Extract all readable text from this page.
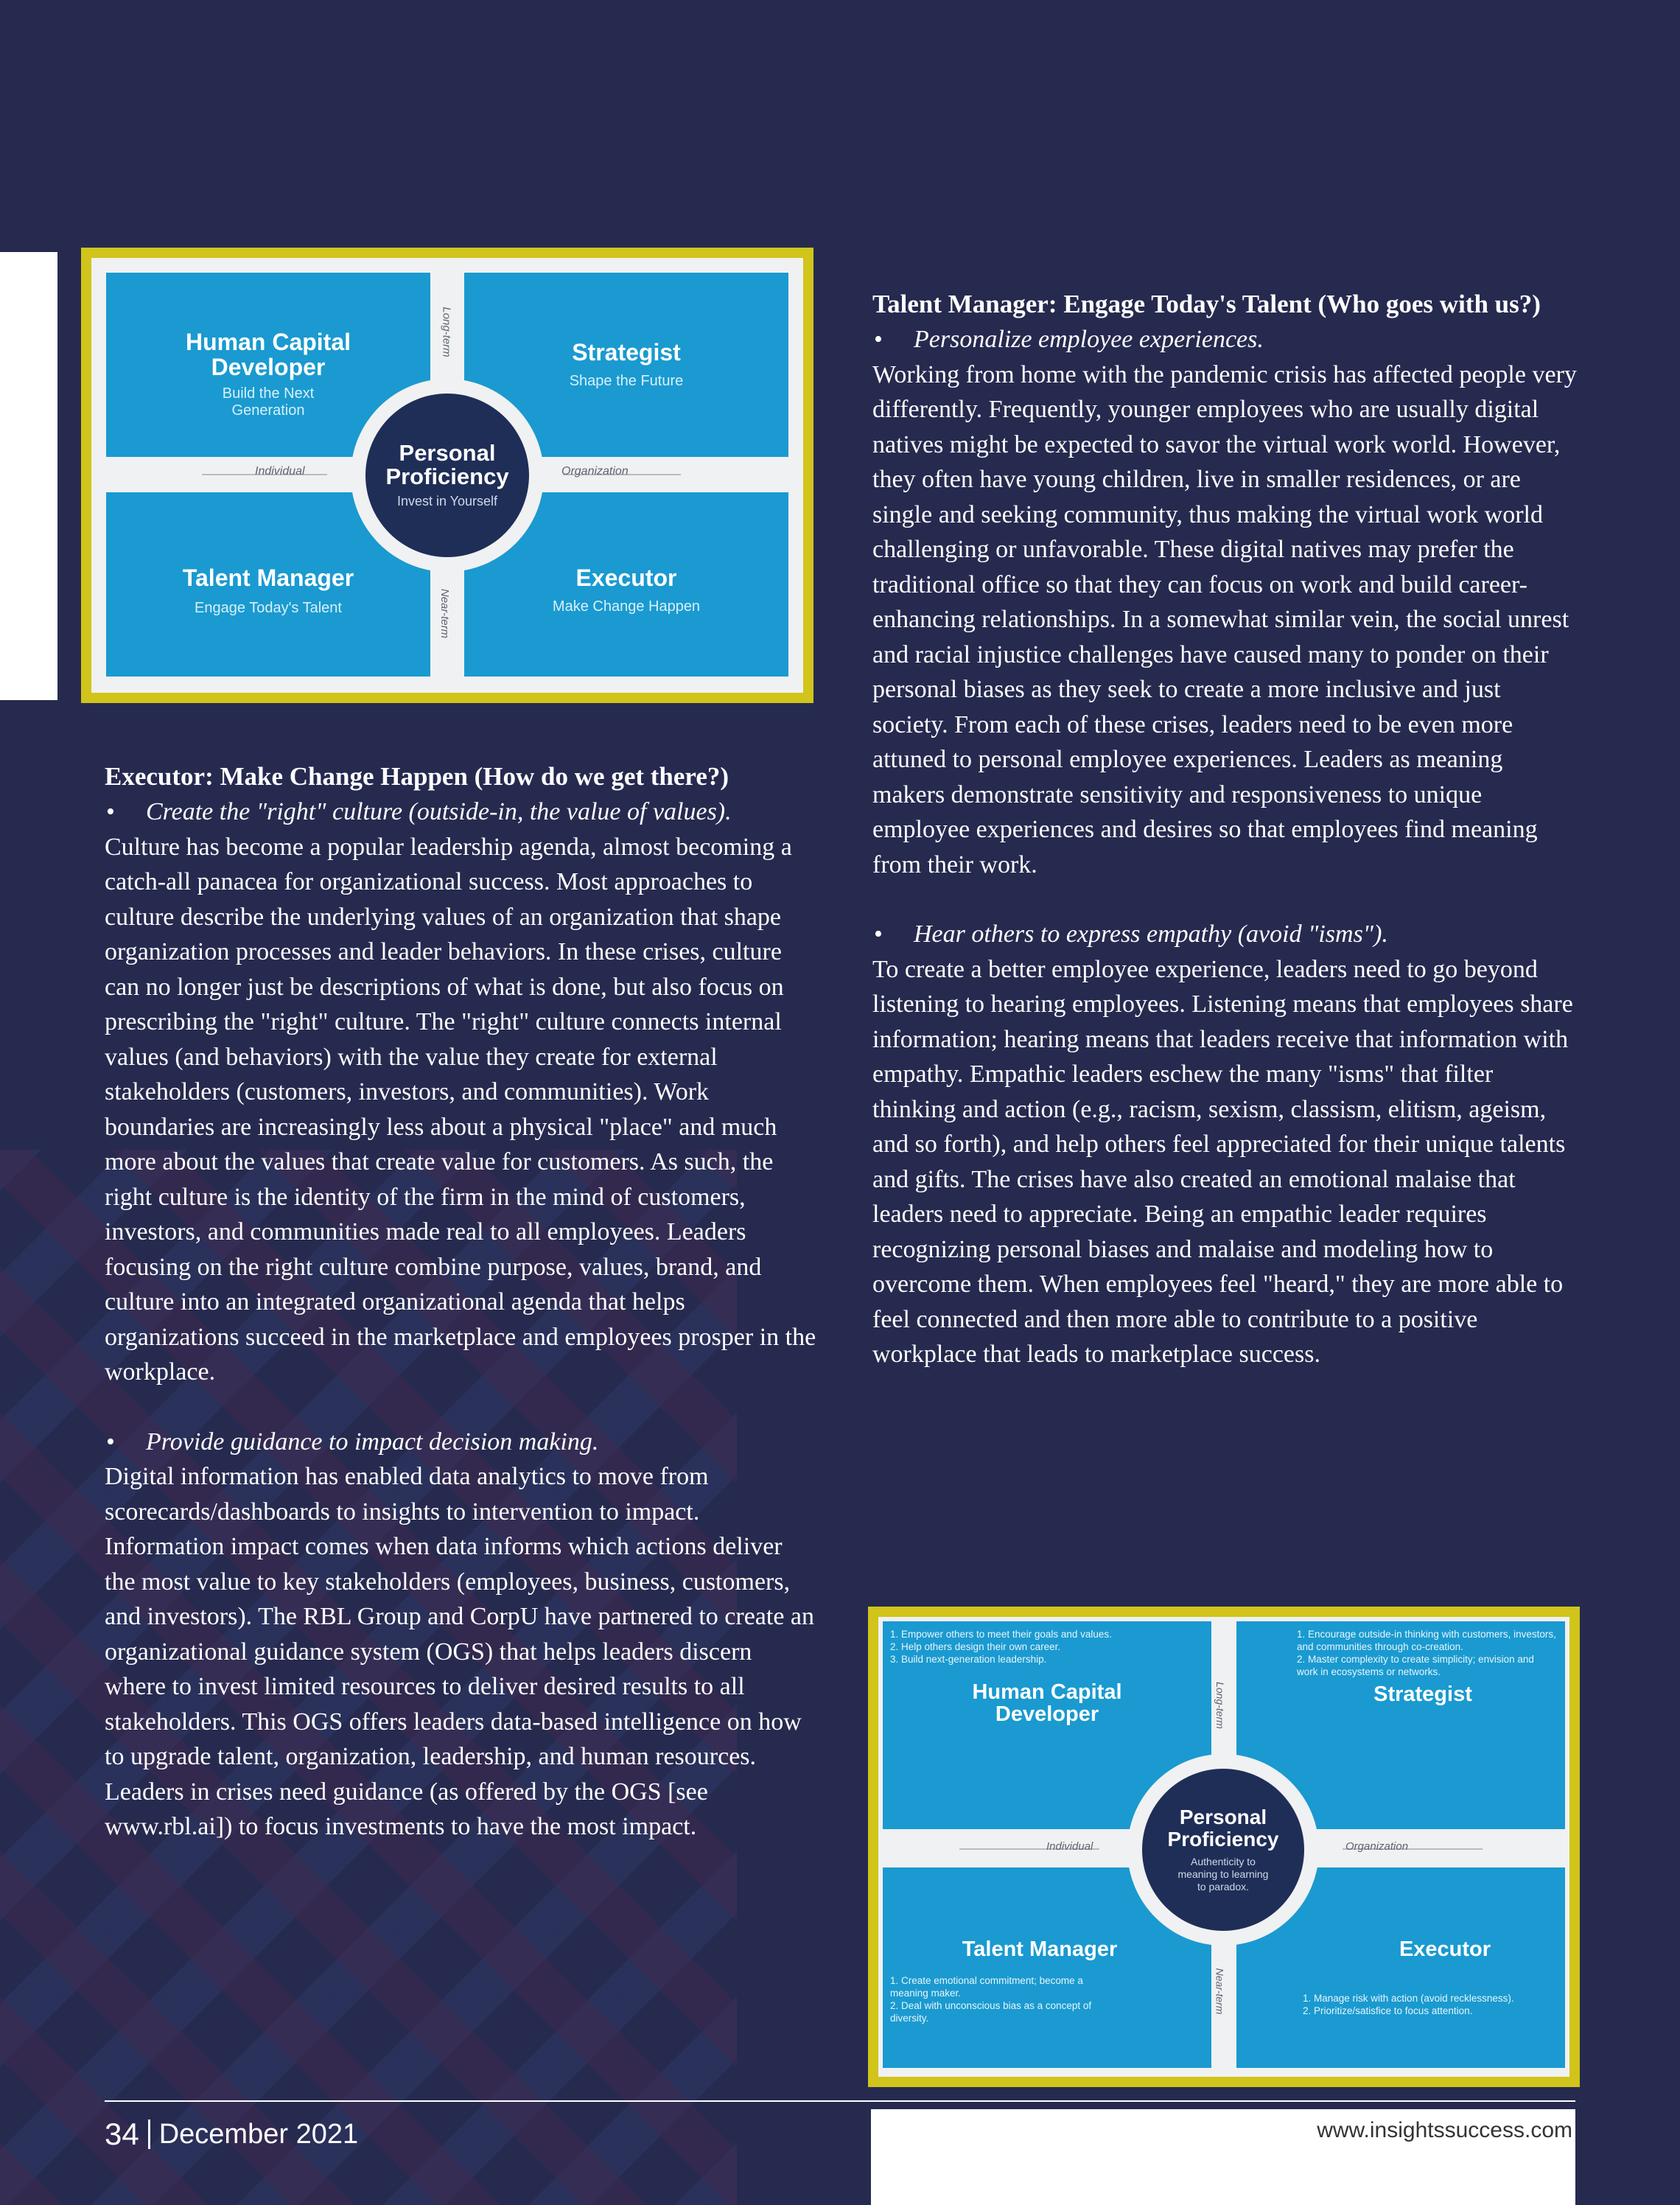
Human Capital
Developer
Build the Next
Generation
Strategist
Shape the Future
Talent Manager
Engage Today's Talent
Executor
Make Change Happen
Personal
Proficiency
Invest in Yourself
Individual	Organization
Long-term
Near-term
Executor: Make Change Happen (How do we get there?)
• Create the "right" culture (outside-in, the value of values).

Culture has become a popular leadership agenda, almost becoming a catch-all panacea for organizational success. Most approaches to culture describe the underlying values of an organization that shape organization processes and leader behaviors. In these crises, culture can no longer just be descriptions of what is done, but also focus on prescribing the "right" culture. The "right" culture connects internal values (and behaviors) with the value they create for external stakeholders (customers, investors, and communities). Work boundaries are increasingly less about a physical "place" and much more about the values that create value for customers. As such, the right culture is the identity of the firm in the mind of customers, investors, and communities made real to all employees. Leaders focusing on the right culture combine purpose, values, brand, and culture into an integrated organizational agenda that helps organizations succeed in the marketplace and employees prosper in the workplace.

• Provide guidance to impact decision making.

Digital information has enabled data analytics to move from scorecards/dashboards to insights to intervention to impact. Information impact comes when data informs which actions deliver the most value to key stakeholders (employees, business, customers, and investors). The RBL Group and CorpU have partnered to create an organizational guidance system (OGS) that helps leaders discern where to invest limited resources to deliver desired results to all stakeholders. This OGS offers leaders data-based intelligence on how to upgrade talent, organization, leadership, and human resources. Leaders in crises need guidance (as offered by the OGS [see www.rbl.ai]) to focus investments to have the most impact.

Talent Manager: Engage Today's Talent (Who goes with us?)
• Personalize employee experiences.

Working from home with the pandemic crisis has affected people very differently. Frequently, younger employees who are usually digital natives might be expected to savor the virtual work world. However, they often have young children, live in smaller residences, or are single and seeking community, thus making the virtual work world challenging or unfavorable. These digital natives may prefer the traditional office so that they can focus on work and build career-enhancing relationships. In a somewhat similar vein, the social unrest and racial injustice challenges have caused many to ponder on their personal biases as they seek to create a more inclusive and just society. From each of these crises, leaders need to be even more attuned to personal employee experiences. Leaders as meaning makers demonstrate sensitivity and responsiveness to unique employee experiences and desires so that employees find meaning from their work.

• Hear others to express empathy (avoid "isms").

To create a better employee experience, leaders need to go beyond listening to hearing employees. Listening means that employees share information; hearing means that leaders receive that information with empathy. Empathic leaders eschew the many "isms" that filter thinking and action (e.g., racism, sexism, classism, elitism, ageism, and so forth), and help others feel appreciated for their unique talents and gifts. The crises have also created an emotional malaise that leaders need to appreciate. Being an empathic leader requires recognizing personal biases and malaise and modeling how to overcome them. When employees feel "heard," they are more able to feel connected and then more able to contribute to a positive workplace that leads to marketplace success.

1. Empower others to meet their goals and values.
2. Help others design their own career.
3. Build next-generation leadership.
Human Capital
Developer
1. Encourage outside-in thinking with customers, investors, and communities through co-creation.
2. Master complexity to create simplicity; envision and work in ecosystems or networks.
Strategist
Talent Manager
1. Create emotional commitment; become a meaning maker.
2. Deal with unconscious bias as a concept of diversity.
Executor
1. Manage risk with action (avoid recklessness).
2. Prioritize/satisfice to focus attention.
Personal
Proficiency
Authenticity to
meaning to learning
to paradox.
Individual	Organization
Long-term
Near-term
34 December 2021	www.insightssuccess.com
